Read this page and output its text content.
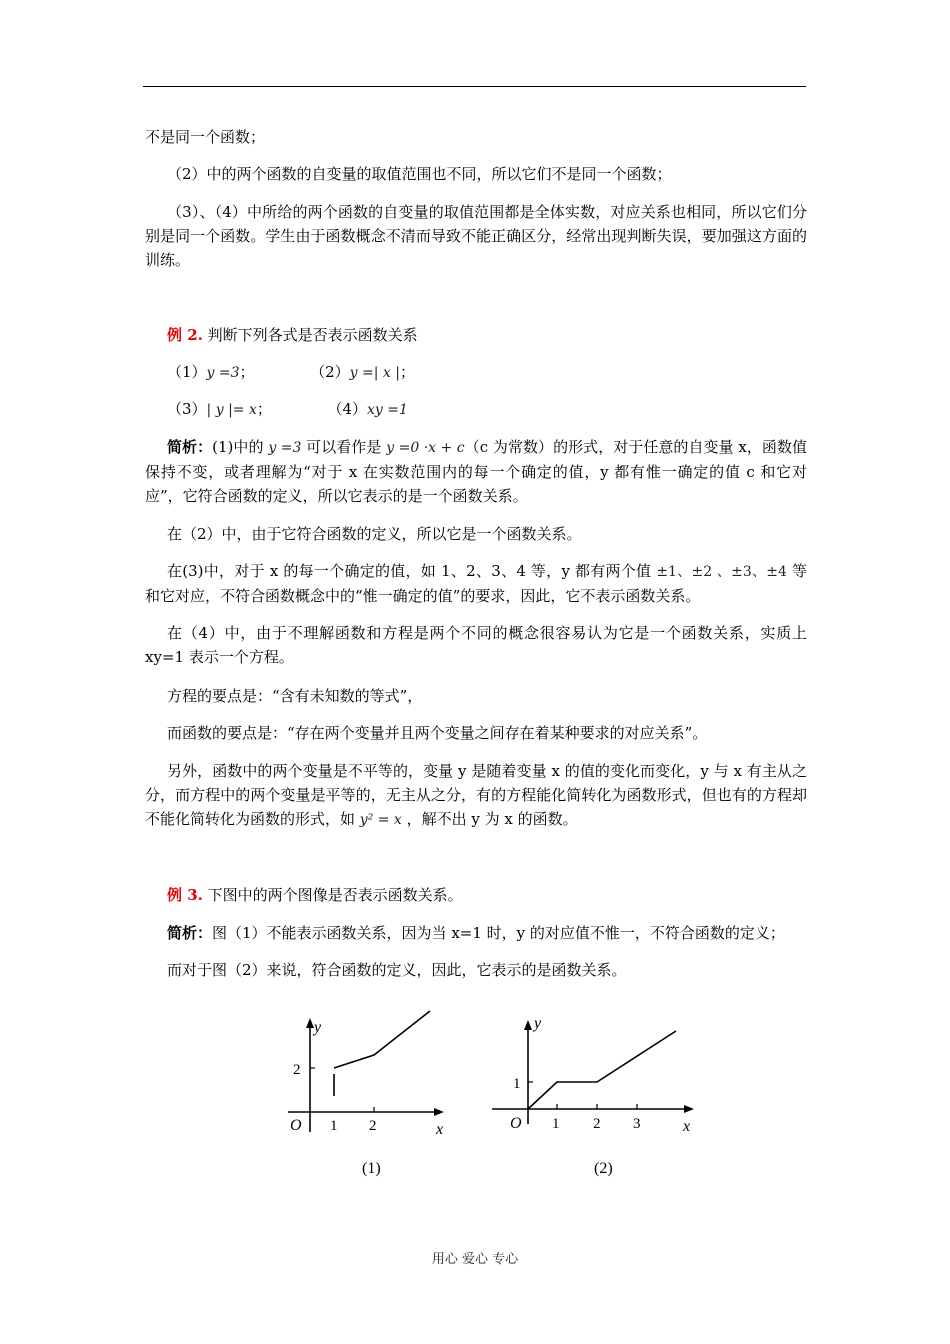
不是同一个函数；
（2）中的两个函数的自变量的取值范围也不同，所以它们不是同一个函数；
（3）、（4）中所给的两个函数的自变量的取值范围都是全体实数，对应关系也相同，所以它们分别是同一个函数。学生由于函数概念不清而导致不能正确区分，经常出现判断失误，要加强这方面的训练。
例 2. 判断下列各式是否表示函数关系
（1）y =3；	（2）y =| x |；
（3）| y |= x；	（4）xy =1
简析：(1)中的 y =3 可以看作是 y =0 ·x + c（c 为常数）的形式，对于任意的自变量 x，函数值保持不变，或者理解为“对于 x 在实数范围内的每一个确定的值，y 都有惟一确定的值 c 和它对应”，它符合函数的定义，所以它表示的是一个函数关系。
在（2）中，由于它符合函数的定义，所以它是一个函数关系。
在(3)中，对于 x 的每一个确定的值，如 1、2、3、4 等，y 都有两个值 ±1、±2 、±3、±4 等和它对应，不符合函数概念中的“惟一确定的值”的要求，因此，它不表示函数关系。
在（4）中，由于不理解函数和方程是两个不同的概念很容易认为它是一个函数关系，实质上 xy=1 表示一个方程。
方程的要点是：“含有未知数的等式”，
而函数的要点是：“存在两个变量并且两个变量之间存在着某种要求的对应关系”。
另外，函数中的两个变量是不平等的，变量 y 是随着变量 x 的值的变化而变化，y 与 x 有主从之分，而方程中的两个变量是平等的，无主从之分，有的方程能化简转化为函数形式，但也有的方程却不能化简转化为函数的形式，如 y² = x ，解不出 y 为 x 的函数。
例 3. 下图中的两个图像是否表示函数关系。
简析：图（1）不能表示函数关系，因为当 x=1 时，y 的对应值不惟一，不符合函数的定义；
而对于图（2）来说，符合函数的定义，因此，它表示的是函数关系。
y
x
O
2
1 2
(1)
y
x
O
1
1 2 3
(2)
用心 爱心 专心
